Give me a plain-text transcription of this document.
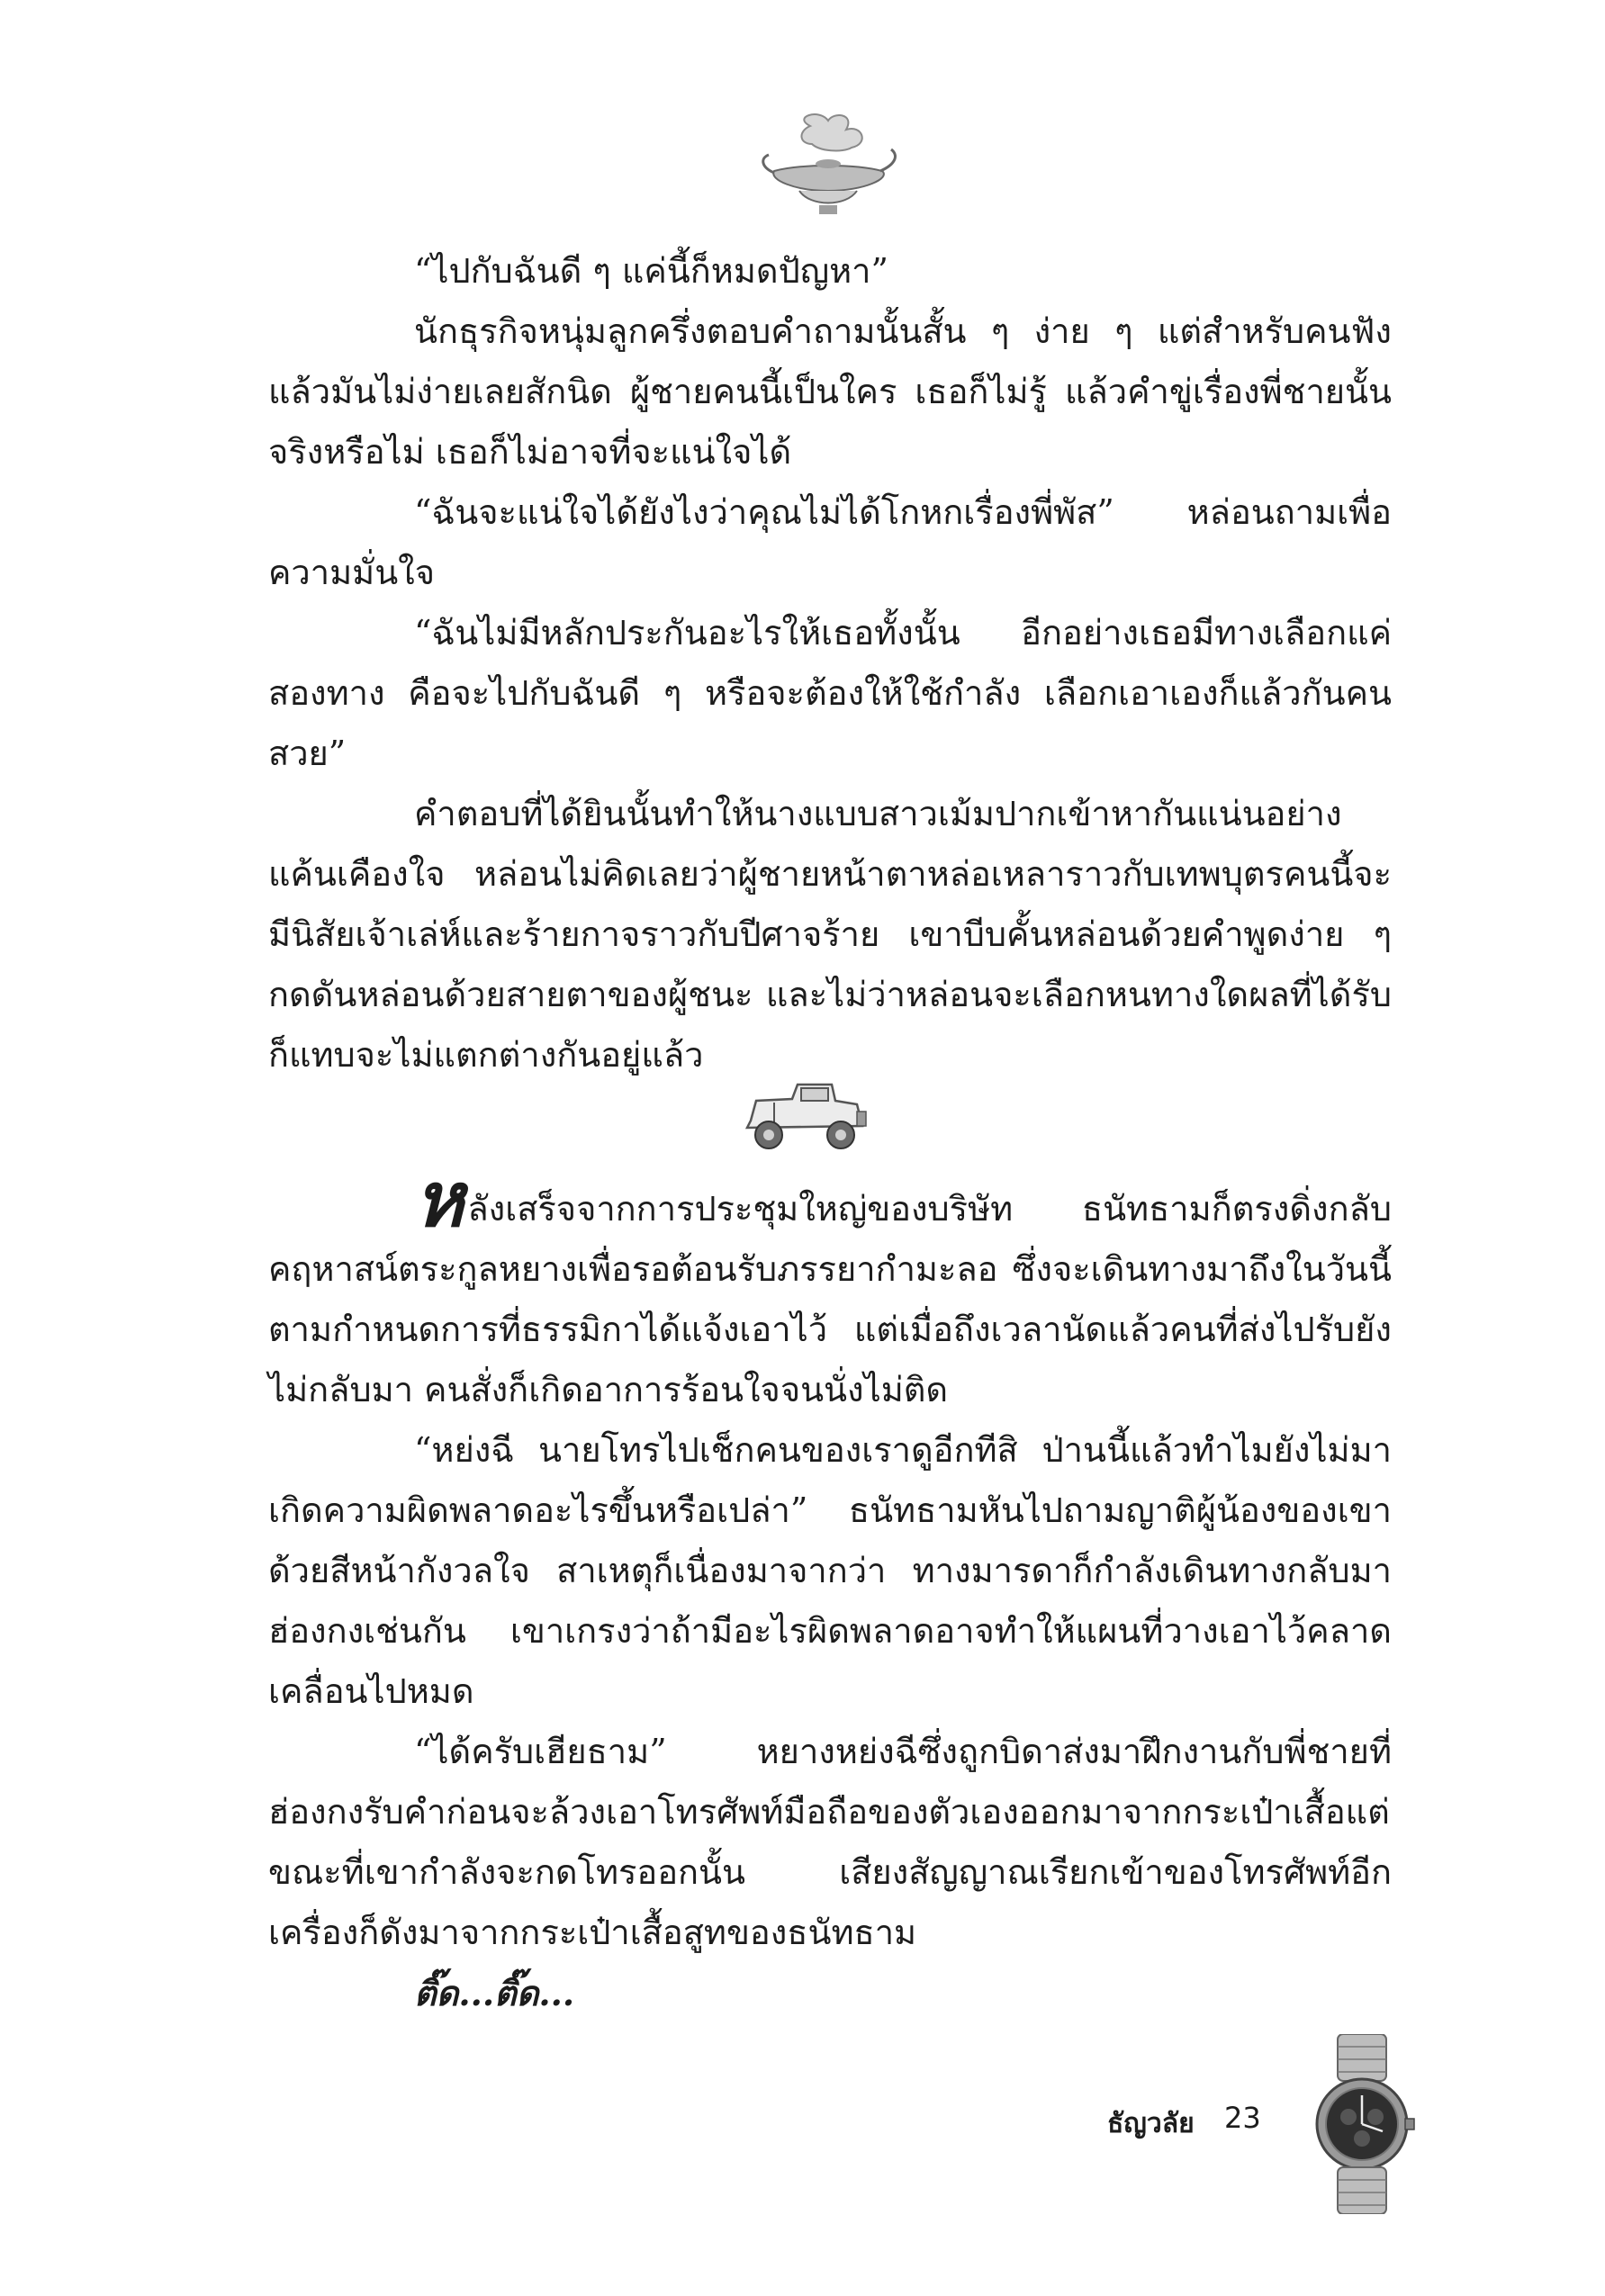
“ไปกับฉันดี ๆ แค่นี้ก็หมดปัญหา”

นักธุรกิจหนุ่มลูกครึ่งตอบคำถามนั้นสั้น ๆ ง่าย ๆ แต่สำหรับคนฟังแล้วมันไม่ง่ายเลยสักนิด ผู้ชายคนนี้เป็นใคร เธอก็ไม่รู้ แล้วคำขู่เรื่องพี่ชายนั้นจริงหรือไม่ เธอก็ไม่อาจที่จะแน่ใจได้

“ฉันจะแน่ใจได้ยังไงว่าคุณไม่ได้โกหกเรื่องพี่พัส” หล่อนถามเพื่อความมั่นใจ

“ฉันไม่มีหลักประกันอะไรให้เธอทั้งนั้น อีกอย่างเธอมีทางเลือกแค่สองทาง คือจะไปกับฉันดี ๆ หรือจะต้องให้ใช้กำลัง เลือกเอาเองก็แล้วกันคนสวย”

คำตอบที่ได้ยินนั้นทำให้นางแบบสาวเม้มปากเข้าหากันแน่นอย่างแค้นเคืองใจ หล่อนไม่คิดเลยว่าผู้ชายหน้าตาหล่อเหลาราวกับเทพบุตรคนนี้จะมีนิสัยเจ้าเล่ห์และร้ายกาจราวกับปีศาจร้าย เขาบีบคั้นหล่อนด้วยคำพูดง่าย ๆ กดดันหล่อนด้วยสายตาของผู้ชนะ และไม่ว่าหล่อนจะเลือกหนทางใดผลที่ได้รับก็แทบจะไม่แตกต่างกันอยู่แล้ว

หลังเสร็จจากการประชุมใหญ่ของบริษัท ธนัทธามก็ตรงดิ่งกลับคฤหาสน์ตระกูลหยางเพื่อรอต้อนรับภรรยากำมะลอ ซึ่งจะเดินทางมาถึงในวันนี้ตามกำหนดการที่ธรรมิกาได้แจ้งเอาไว้ แต่เมื่อถึงเวลานัดแล้วคนที่ส่งไปรับยังไม่กลับมา คนสั่งก็เกิดอาการร้อนใจจนนั่งไม่ติด

“หย่งฉี นายโทรไปเช็กคนของเราดูอีกทีสิ ป่านนี้แล้วทำไมยังไม่มาเกิดความผิดพลาดอะไรขึ้นหรือเปล่า” ธนัทธามหันไปถามญาติผู้น้องของเขาด้วยสีหน้ากังวลใจ สาเหตุก็เนื่องมาจากว่า ทางมารดาก็กำลังเดินทางกลับมาฮ่องกงเช่นกัน เขาเกรงว่าถ้ามีอะไรผิดพลาดอาจทำให้แผนที่วางเอาไว้คลาดเคลื่อนไปหมด

“ได้ครับเฮียธาม” หยางหย่งฉีซึ่งถูกบิดาส่งมาฝึกงานกับพี่ชายที่ฮ่องกงรับคำก่อนจะล้วงเอาโทรศัพท์มือถือของตัวเองออกมาจากกระเป๋าเสื้อแต่ขณะที่เขากำลังจะกดโทรออกนั้น เสียงสัญญาณเรียกเข้าของโทรศัพท์อีกเครื่องก็ดังมาจากกระเป๋าเสื้อสูทของธนัทธาม

ติ๊ด...ติ๊ด...

ธัญวลัย 23
